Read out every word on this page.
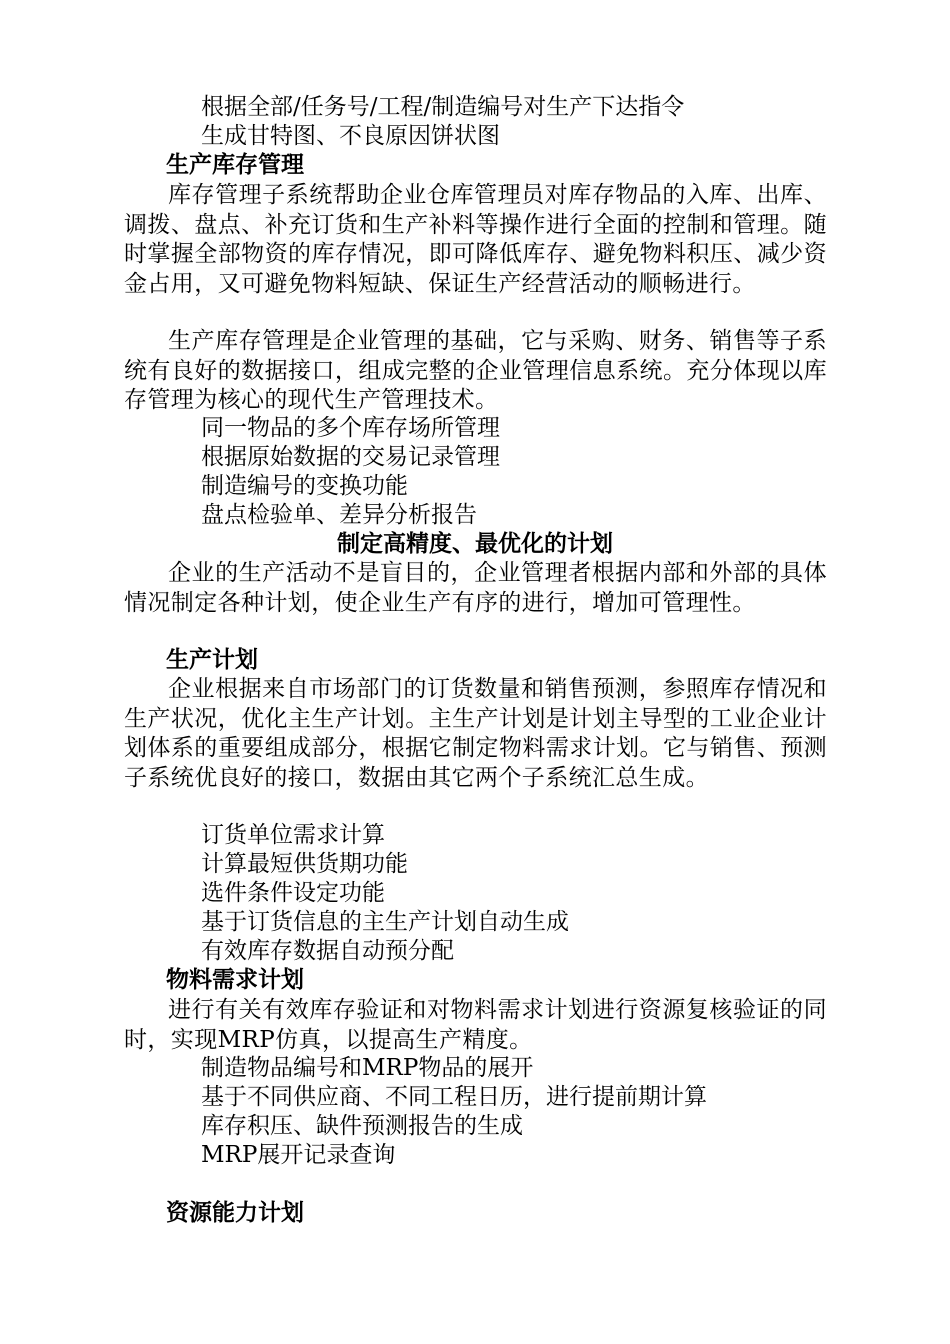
根据全部/任务号/工程/制造编号对生产下达指令

生成甘特图、不良原因饼状图

生产库存管理

库存管理子系统帮助企业仓库管理员对库存物品的入库、出库、调拨、盘点、补充订货和生产补料等操作进行全面的控制和管理。随时掌握全部物资的库存情况，即可降低库存、避免物料积压、减少资金占用，又可避免物料短缺、保证生产经营活动的顺畅进行。

生产库存管理是企业管理的基础，它与采购、财务、销售等子系统有良好的数据接口，组成完整的企业管理信息系统。充分体现以库存管理为核心的现代生产管理技术。

同一物品的多个库存场所管理

根据原始数据的交易记录管理

制造编号的变换功能

盘点检验单、差异分析报告

制定高精度、最优化的计划

企业的生产活动不是盲目的，企业管理者根据内部和外部的具体情况制定各种计划，使企业生产有序的进行，增加可管理性。

生产计划

企业根据来自市场部门的订货数量和销售预测，参照库存情况和生产状况，优化主生产计划。主生产计划是计划主导型的工业企业计划体系的重要组成部分，根据它制定物料需求计划。它与销售、预测子系统优良好的接口，数据由其它两个子系统汇总生成。

订货单位需求计算

计算最短供货期功能

选件条件设定功能

基于订货信息的主生产计划自动生成

有效库存数据自动预分配

物料需求计划

进行有关有效库存验证和对物料需求计划进行资源复核验证的同时，实现MRP仿真，以提高生产精度。

制造物品编号和MRP物品的展开

基于不同供应商、不同工程日历，进行提前期计算

库存积压、缺件预测报告的生成

MRP展开记录查询

资源能力计划
